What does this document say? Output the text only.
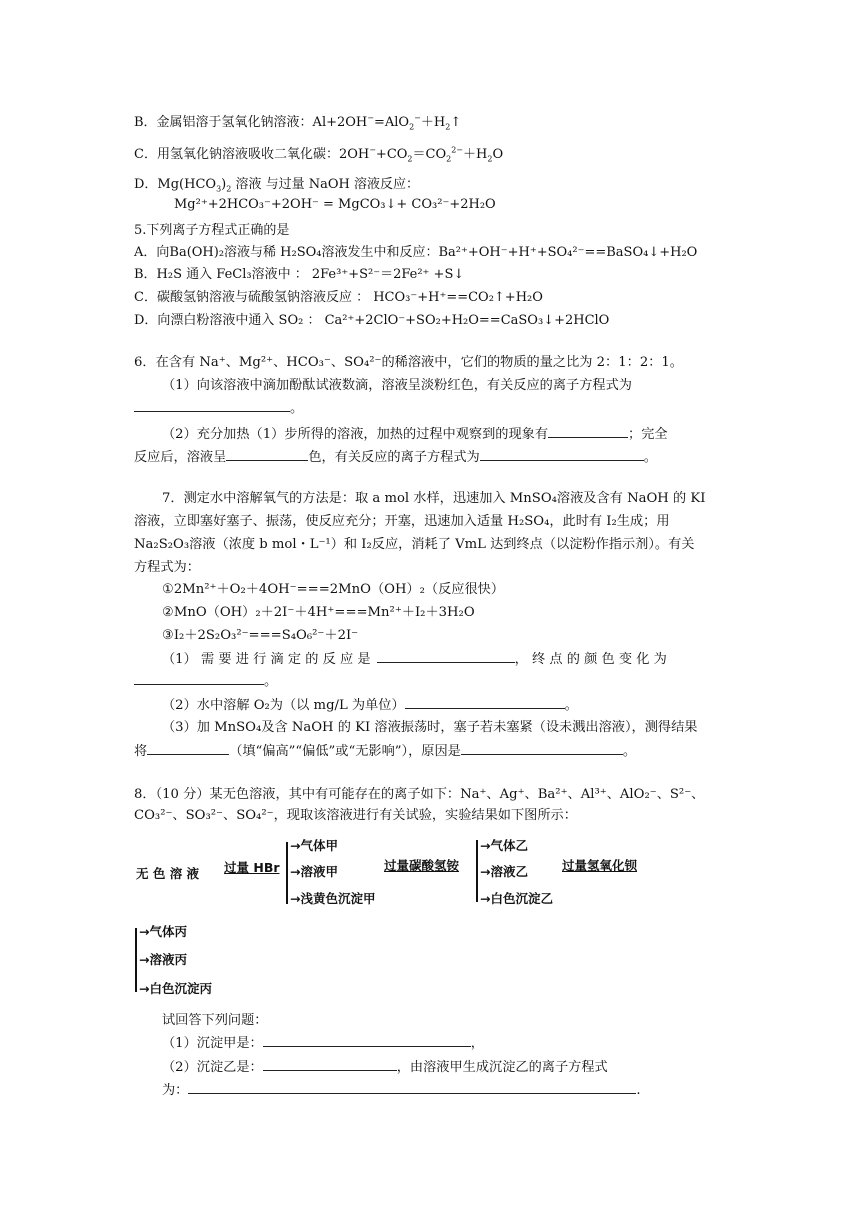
B．金属铝溶于氢氧化钠溶液：$Al+2OH^-=AlO_2^-+H_2↑$
C．用氢氧化钠溶液吸收二氧化碳：$2OH^-+CO_2=CO_2^{2-}+H_2O$
D．$Mg(HCO_3)_2$ 溶液 与过量 NaOH 溶液反应：
Mg²⁺+2HCO₃⁻+2OH⁻ = MgCO₃↓+ CO₃²⁻+2H₂O
5.下列离子方程式正确的是
A．向Ba(OH)₂溶液与稀 H₂SO₄溶液发生中和反应：Ba²⁺+OH⁻+H⁺+SO₄²⁻==BaSO₄↓+H₂O
B．H₂S 通入 FeCl₃溶液中 ： 2Fe³⁺+S²⁻＝2Fe²⁺ +S↓
C．碳酸氢钠溶液与硫酸氢钠溶液反应 ： HCO₃⁻+H⁺==CO₂↑+H₂O
D．向漂白粉溶液中通入 SO₂ ： Ca²⁺+2ClO⁻+SO₂+H₂O==CaSO₃↓+2HClO
6．在含有 Na⁺、Mg²⁺、HCO₃⁻、SO₄²⁻的稀溶液中，它们的物质的量之比为 2：1：2：1。
（1）向该溶液中滴加酚酞试液数滴，溶液呈淡粉红色，有关反应的离子方程式为
。
（2）充分加热（1）步所得的溶液，加热的过程中观察到的现象有	；完全
反应后，溶液呈	色，有关反应的离子方程式为	。
7．测定水中溶解氧气的方法是：取 a mol 水样，迅速加入 MnSO₄溶液及含有 NaOH 的 KI
溶液，立即塞好塞子、振荡，使反应充分；开塞，迅速加入适量 H₂SO₄，此时有 I₂生成；用
Na₂S₂O₃溶液（浓度 b mol・L⁻¹）和 I₂反应，消耗了 VmL 达到终点（以淀粉作指示剂）。有关
方程式为：
①2Mn²⁺＋O₂＋4OH⁻===2MnO（OH）₂（反应很快）
②MnO（OH）₂＋2I⁻＋4H⁺===Mn²⁺＋I₂＋3H₂O
③I₂＋2S₂O₃²⁻===S₄O₆²⁻＋2I⁻
（1） 需 要 进 行 滴 定 的 反 应 是	， 终 点 的 颜 色 变 化 为
。
（2）水中溶解 O₂为（以 mg/L 为单位）	。
（3）加 MnSO₄及含 NaOH 的 KI 溶液振荡时，塞子若未塞紧（设未溅出溶液），测得结果
将	（填“偏高”“偏低”或“无影响”），原因是	。
8．（10 分）某无色溶液，其中有可能存在的离子如下：Na⁺、Ag⁺、Ba²⁺、Al³⁺、AlO₂⁻、S²⁻、
CO₃²⁻、SO₃²⁻、SO₄²⁻，现取该溶液进行有关试验，实验结果如下图所示：
无 色 溶 液 过量 HBr
→气体甲
→溶液甲
→浅黄色沉淀甲
过量碳酸氢铵
→气体乙
→溶液乙
→白色沉淀乙
过量氢氧化钡
→气体丙
→溶液丙
→白色沉淀丙
试回答下列问题：
（1）沉淀甲是：	，
（2）沉淀乙是：	，由溶液甲生成沉淀乙的离子方程式
为：	.
